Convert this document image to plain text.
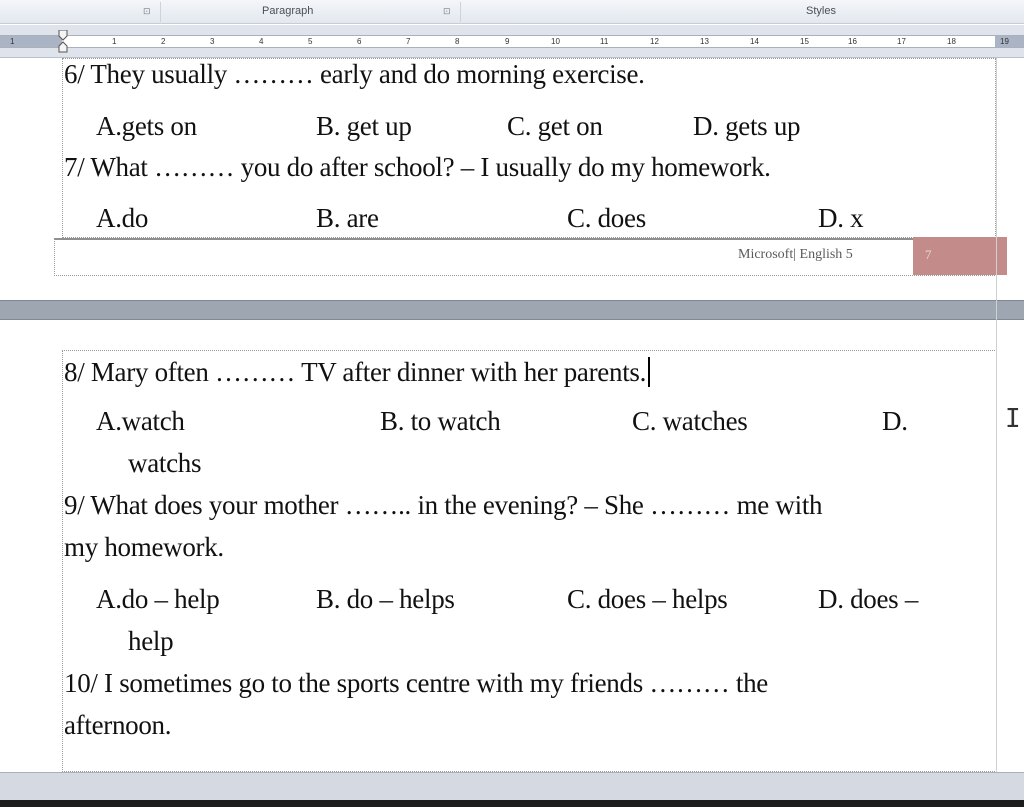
⊡	Paragraph	⊡	Styles
1	1	2	3	4	5	6	7	8	9	10	11	12	13	14	15	16	17	18	19
6/ They usually ……… early and do morning exercise.
A.gets on	B. get up	C. get on	D. gets up
7/ What ……… you do after school? – I usually do my homework.
A.do	B. are	C. does	D. x
Microsoft| English 5	7
8/ Mary often ……… TV after dinner with her parents.
A.watch	B. to watch	C. watches	D.
watchs
9/ What does your mother …….. in the evening? – She ……… me with
my homework.
A.do – help	B. do – helps	C. does – helps	D. does –
help
10/ I sometimes go to the sports centre with my friends ……… the
afternoon.
I
